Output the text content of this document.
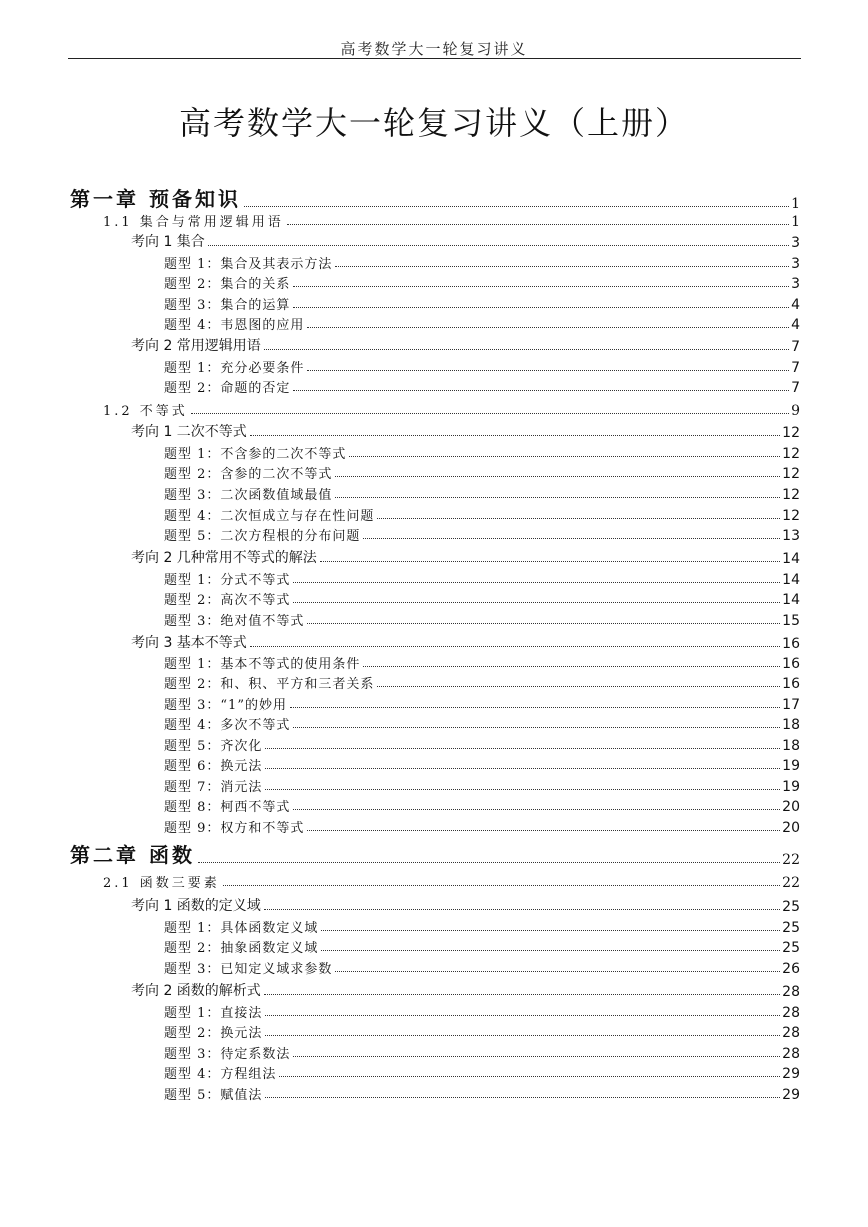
高考数学大一轮复习讲义
高考数学大一轮复习讲义（上册）
第一章 预备知识	1
1.1 集合与常用逻辑用语	1
考向 1 集合	3
题型 1：集合及其表示方法	3
题型 2：集合的关系	3
题型 3：集合的运算	4
题型 4：韦恩图的应用	4
考向 2 常用逻辑用语	7
题型 1：充分必要条件	7
题型 2：命题的否定	7
1.2 不等式	9
考向 1 二次不等式	12
题型 1：不含参的二次不等式	12
题型 2：含参的二次不等式	12
题型 3：二次函数值域最值	12
题型 4：二次恒成立与存在性问题	12
题型 5：二次方程根的分布问题	13
考向 2 几种常用不等式的解法	14
题型 1：分式不等式	14
题型 2：高次不等式	14
题型 3：绝对值不等式	15
考向 3 基本不等式	16
题型 1：基本不等式的使用条件	16
题型 2：和、积、平方和三者关系	16
题型 3：“1”的妙用	17
题型 4：多次不等式	18
题型 5：齐次化	18
题型 6：换元法	19
题型 7：消元法	19
题型 8：柯西不等式	20
题型 9：权方和不等式	20
第二章 函数	22
2.1 函数三要素	22
考向 1 函数的定义域	25
题型 1：具体函数定义域	25
题型 2：抽象函数定义域	25
题型 3：已知定义域求参数	26
考向 2 函数的解析式	28
题型 1：直接法	28
题型 2：换元法	28
题型 3：待定系数法	28
题型 4：方程组法	29
题型 5：赋值法	29
